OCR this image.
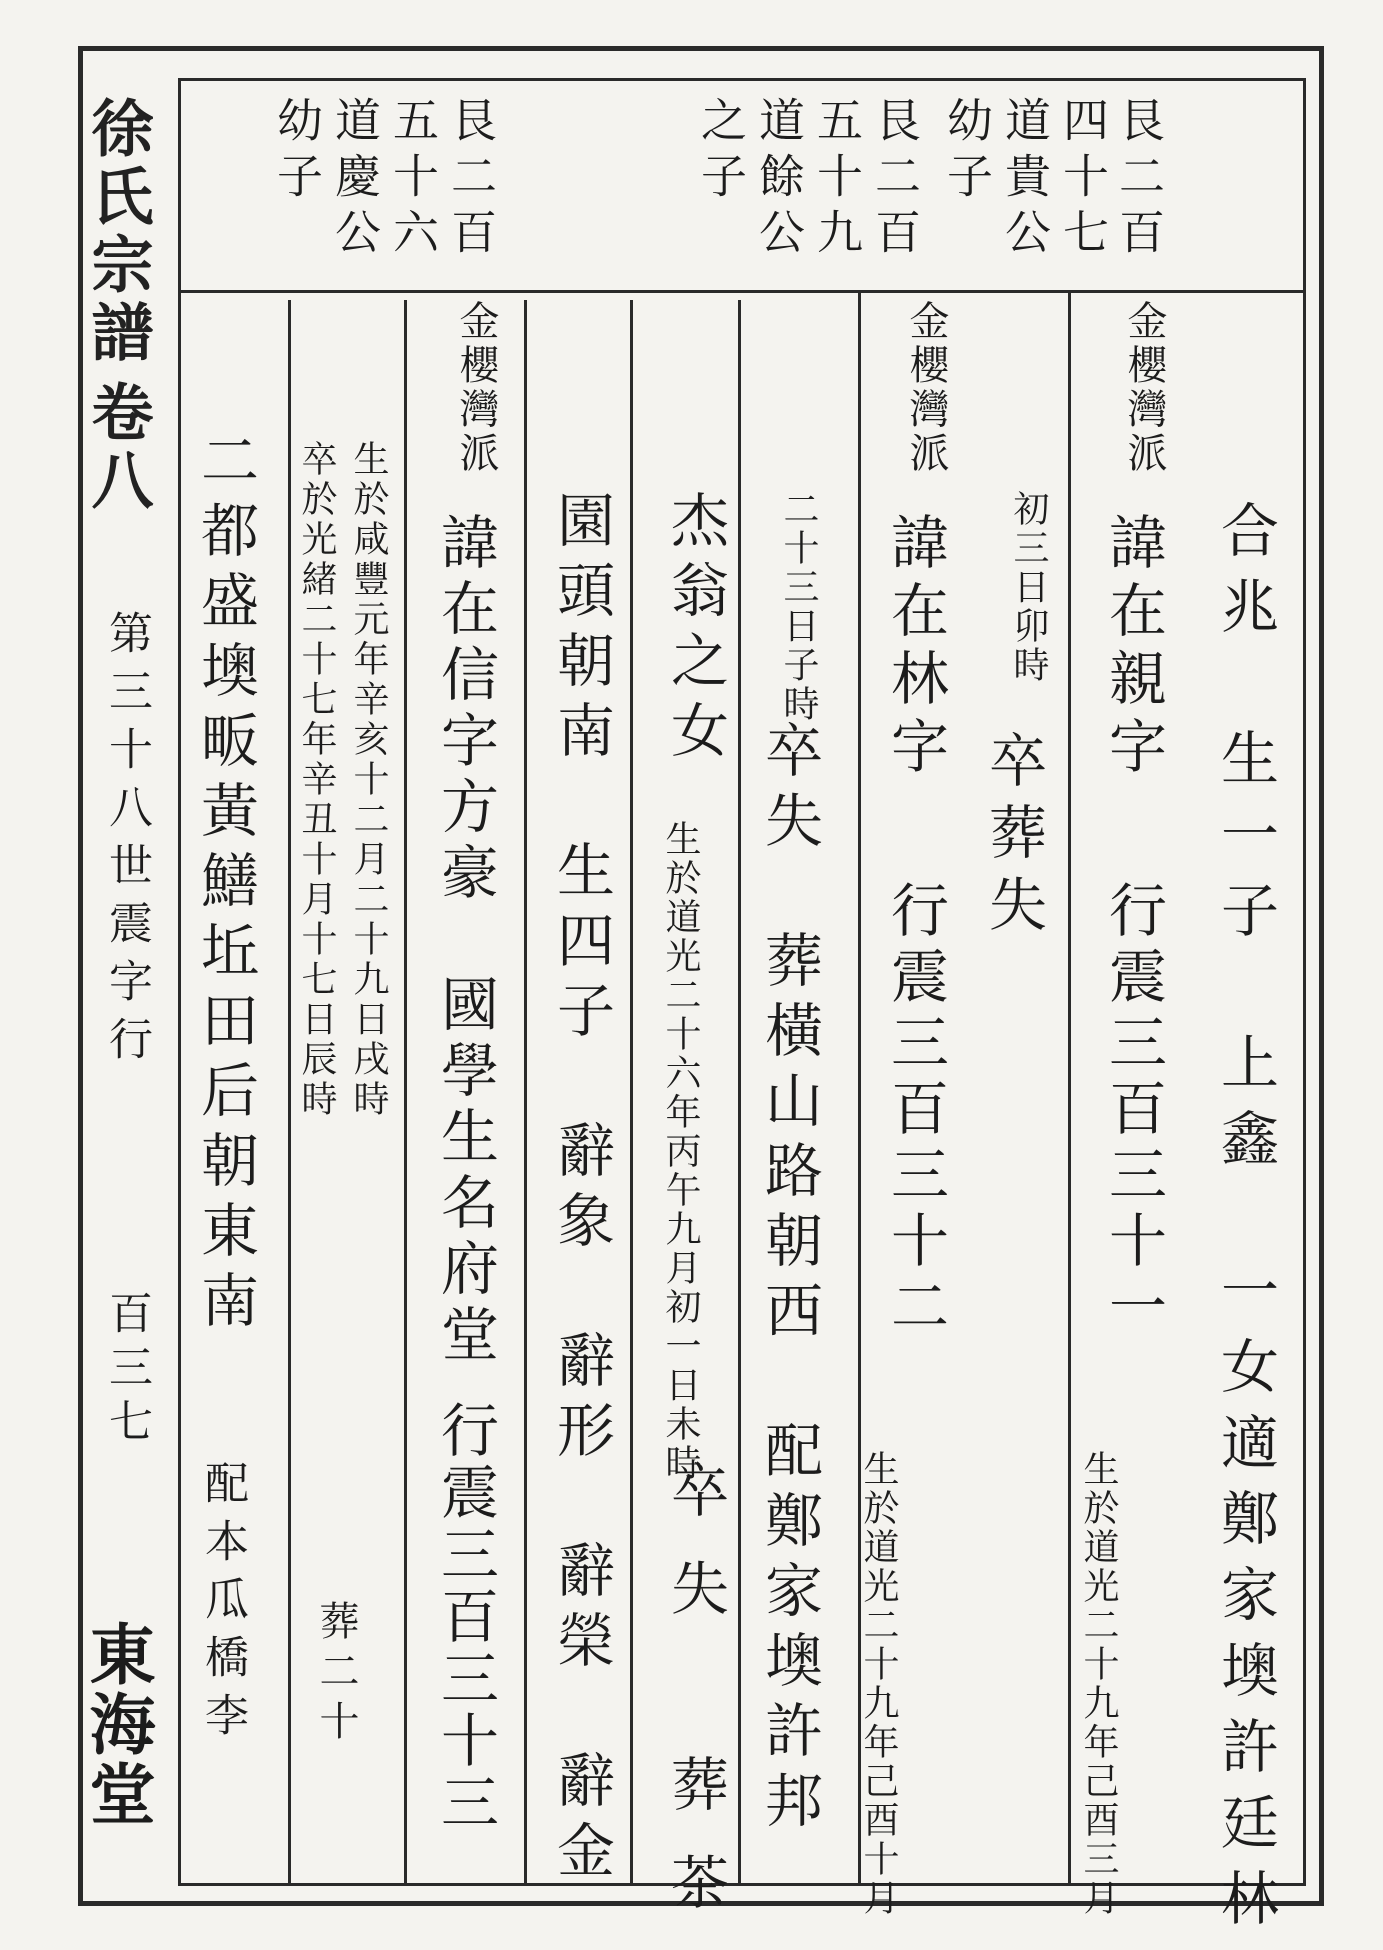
徐氏宗譜
卷八
第三十八世震字行
百三七
東海堂
艮二百
四十七
道貴公
幼子
艮二百
五十九
道餘公
之子
艮二百
五十六
道慶公
幼子
合兆　生一子　上鑫　一女適鄭家墺許廷林
金櫻灣派
諱在親字
行震三百三十一
生於道光二十九年己酉三月
初三日卯時
卒葬失
金櫻灣派
諱在林字
行震三百三十二
生於道光二十九年己酉十月
二十三日子時
卒失　葬橫山路朝西　配鄭家墺許邦
杰翁之女
生於道光二十六年丙午九月初一日未時
卒失　葬茶
園頭朝南　生四子　辭象　辭形　辭榮　辭金
金櫻灣派
諱在信字方豪　國學生名府堂
行震三百三十三
生於咸豐元年辛亥十二月二十九日戌時
卒於光緒二十七年辛丑十月十七日辰時
葬二十
二都盛墺畈黃鱔坵田后朝東南
配本瓜橋李
